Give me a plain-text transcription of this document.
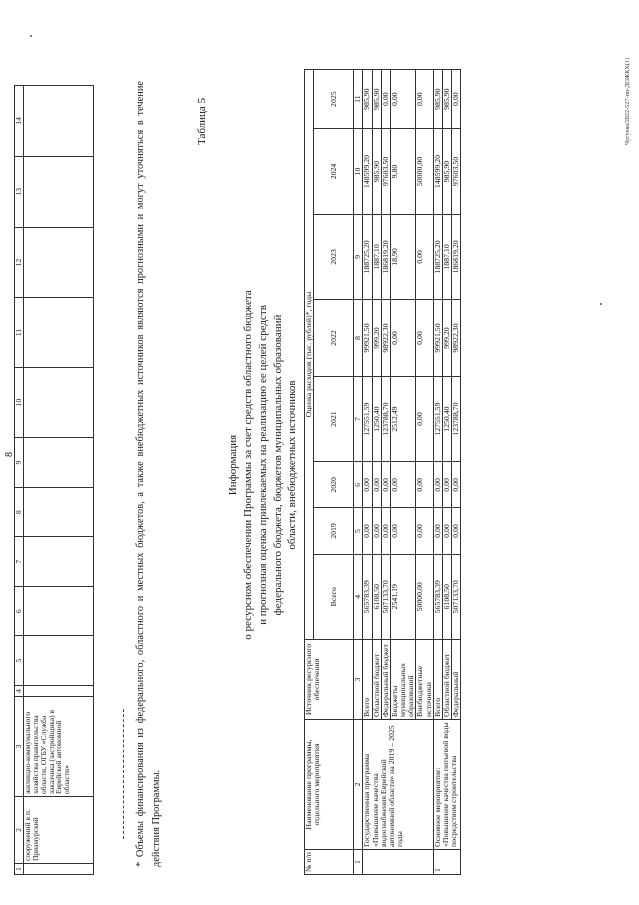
8
1	2	3	4	5	6	7	8	9	10	11	12	13	14
	сооружений в п. Приамурский	жилищно-коммунального хозяйства правительства области, ОГБУ «Служба заказчика (застройщика) в Еврейской автономной области»												* Объемы финансирования из федерального, областного и местных бюджетов, а также внебюджетных источников являются прогнозными и могут уточняться в течение действия Программы.
Таблица 5
Информация о ресурсном обеспечении Программы за счет средств областного бюджета и прогнозная оценка привлекаемых на реализацию ее целей средств федерального бюджета, бюджетов муниципальных образований области, внебюджетных источников
№ п/п	Наименование программы, отдельного мероприятия	Источник ресурсного обеспечения	Оценка расходов (тыс. рублей)*, годы							
			Всего	2019	2020	2021	2022	2023	2024	2025
1	2	3	4	5	6	7	8	9	10	11
	Государственная программа «Повышение качества водоснабжения Еврейской автономной области» на 2019 – 2025 годы	Всего	565783,39	0,00	0,00	127551,59	99921,50	188725,20	148599,20	985,90
		Областной бюджет	6108,50	0,00	0,00	1250,40	999,20	1887,10	985,90	985,90
		Федеральный бюджет	507133,70	0,00	0,00	123788,70	98922,30	186819,20	97603,50	0,00
		Бюджеты муниципальных образований	2541,19	0,00	0,00	2512,49	0,00	18,90	9,80	0,00
		Внебюджетные источники	50000,00	0,00	0,00	0,00	0,00	0,00	50000,00	0,00
1	Основное мероприятие: «Повышение качества питьевой воды посредством строительства	Всего	565783,39	0,00	0,00	127551,59	99921,50	188725,20	148599,20	985,90
		Областной бюджет	6108,50	0,00	0,00	1250,40	999,20	1887,10	985,90	985,90
		Федеральный	507133,70	0,00	0,00	123788,70	98922,30	186819,20	97603,50	0,00	Чугуева/2022-527-пп-ДОЖКХ(1)
